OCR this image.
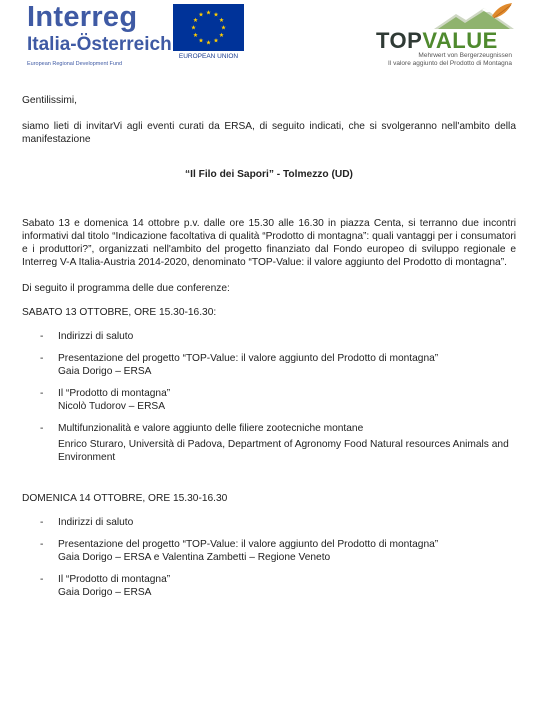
Interreg
Italia-Österreich
European Regional Development Fund
EUROPEAN UNION
TOPVALUE
Mehrwert von Bergerzeugnissen
Il valore aggiunto del Prodotto di Montagna

Gentilissimi,

siamo lieti di invitarVi agli eventi curati da ERSA, di seguito indicati, che si svolgeranno nell'ambito della manifestazione

“Il Filo dei Sapori” - Tolmezzo (UD)

Sabato 13 e domenica 14 ottobre p.v. dalle ore 15.30 alle 16.30 in piazza Centa, si terranno due incontri informativi dal titolo “Indicazione facoltativa di qualità “Prodotto di montagna”: quali vantaggi per i consumatori e i produttori?”, organizzati nell'ambito del progetto finanziato dal Fondo europeo di sviluppo regionale e Interreg V-A Italia-Austria 2014-2020, denominato “TOP-Value: il valore aggiunto del Prodotto di montagna”.

Di seguito il programma delle due conferenze:

SABATO 13 OTTOBRE, ORE 15.30-16.30:

- Indirizzi di saluto
- Presentazione del progetto “TOP-Value: il valore aggiunto del Prodotto di montagna”
Gaia Dorigo – ERSA
- Il “Prodotto di montagna”
Nicolò Tudorov – ERSA
- Multifunzionalità e valore aggiunto delle filiere zootecniche montane
Enrico Sturaro, Università di Padova, Department of Agronomy Food Natural resources Animals and Environment

DOMENICA 14 OTTOBRE, ORE 15.30-16.30

- Indirizzi di saluto
- Presentazione del progetto “TOP-Value: il valore aggiunto del Prodotto di montagna”
Gaia Dorigo – ERSA e Valentina Zambetti – Regione Veneto
- Il “Prodotto di montagna”
Gaia Dorigo – ERSA
